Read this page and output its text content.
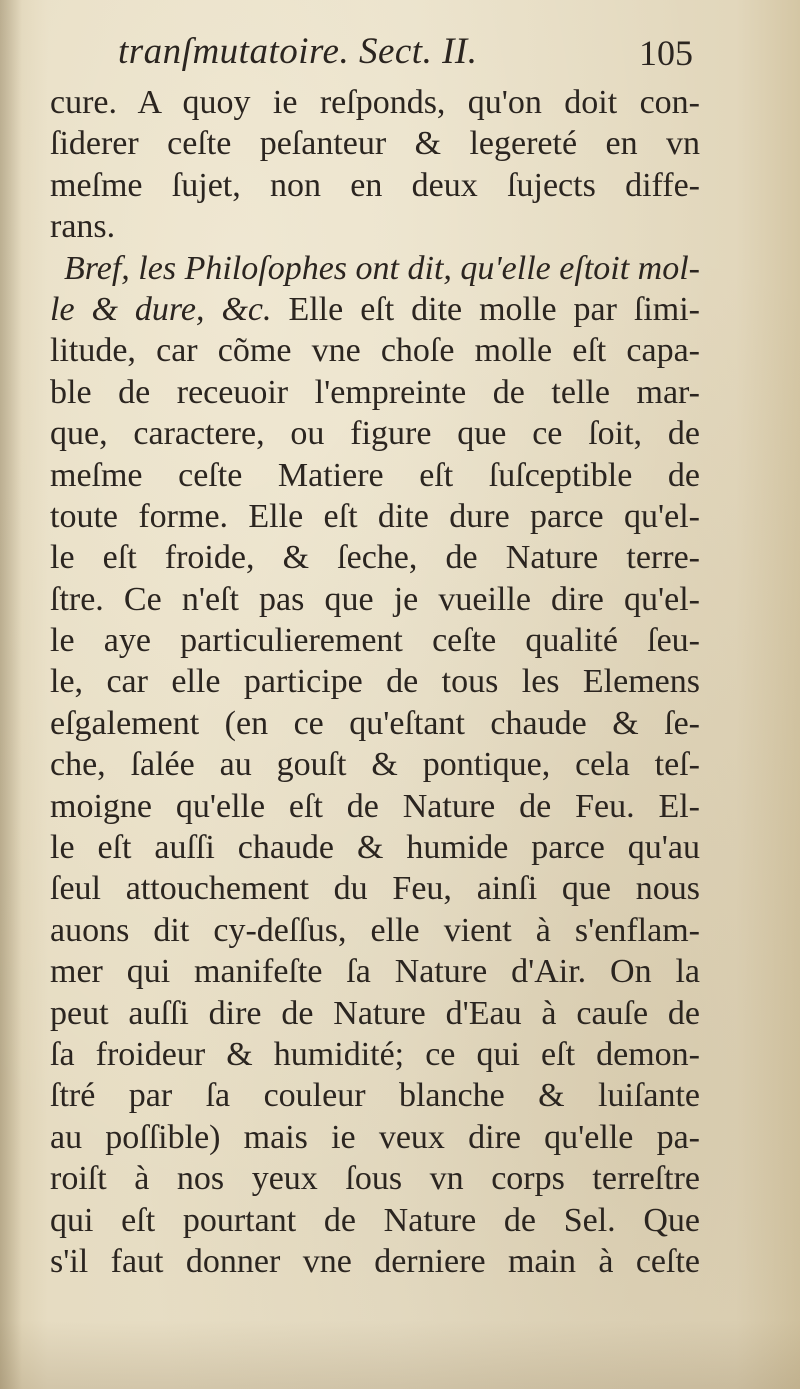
tranſmutatoire. Sect. II.	105
cure. A quoy ie reſponds, qu'on doit con-
ſiderer ceſte peſanteur & legereté en vn
meſme ſujet, non en deux ſujects diffe-
rans.
Bref, les Philoſophes ont dit, qu'elle eſtoit mol-
le & dure, &c. Elle eſt dite molle par ſimi-
litude, car cõme vne choſe molle eſt capa-
ble de receuoir l'empreinte de telle mar-
que, caractere, ou figure que ce ſoit, de
meſme ceſte Matiere eſt ſuſceptible de
toute forme. Elle eſt dite dure parce qu'el-
le eſt froide, & ſeche, de Nature terre-
ſtre. Ce n'eſt pas que je vueille dire qu'el-
le aye particulierement ceſte qualité ſeu-
le, car elle participe de tous les Elemens
eſgalement (en ce qu'eſtant chaude & ſe-
che, ſalée au gouſt & pontique, cela teſ-
moigne qu'elle eſt de Nature de Feu. El-
le eſt auſſi chaude & humide parce qu'au
ſeul attouchement du Feu, ainſi que nous
auons dit cy-deſſus, elle vient à s'enflam-
mer qui manifeſte ſa Nature d'Air. On la
peut auſſi dire de Nature d'Eau à cauſe de
ſa froideur & humidité; ce qui eſt demon-
ſtré par ſa couleur blanche & luiſante
au poſſible) mais ie veux dire qu'elle pa-
roiſt à nos yeux ſous vn corps terreſtre
qui eſt pourtant de Nature de Sel. Que
s'il faut donner vne derniere main à ceſte
